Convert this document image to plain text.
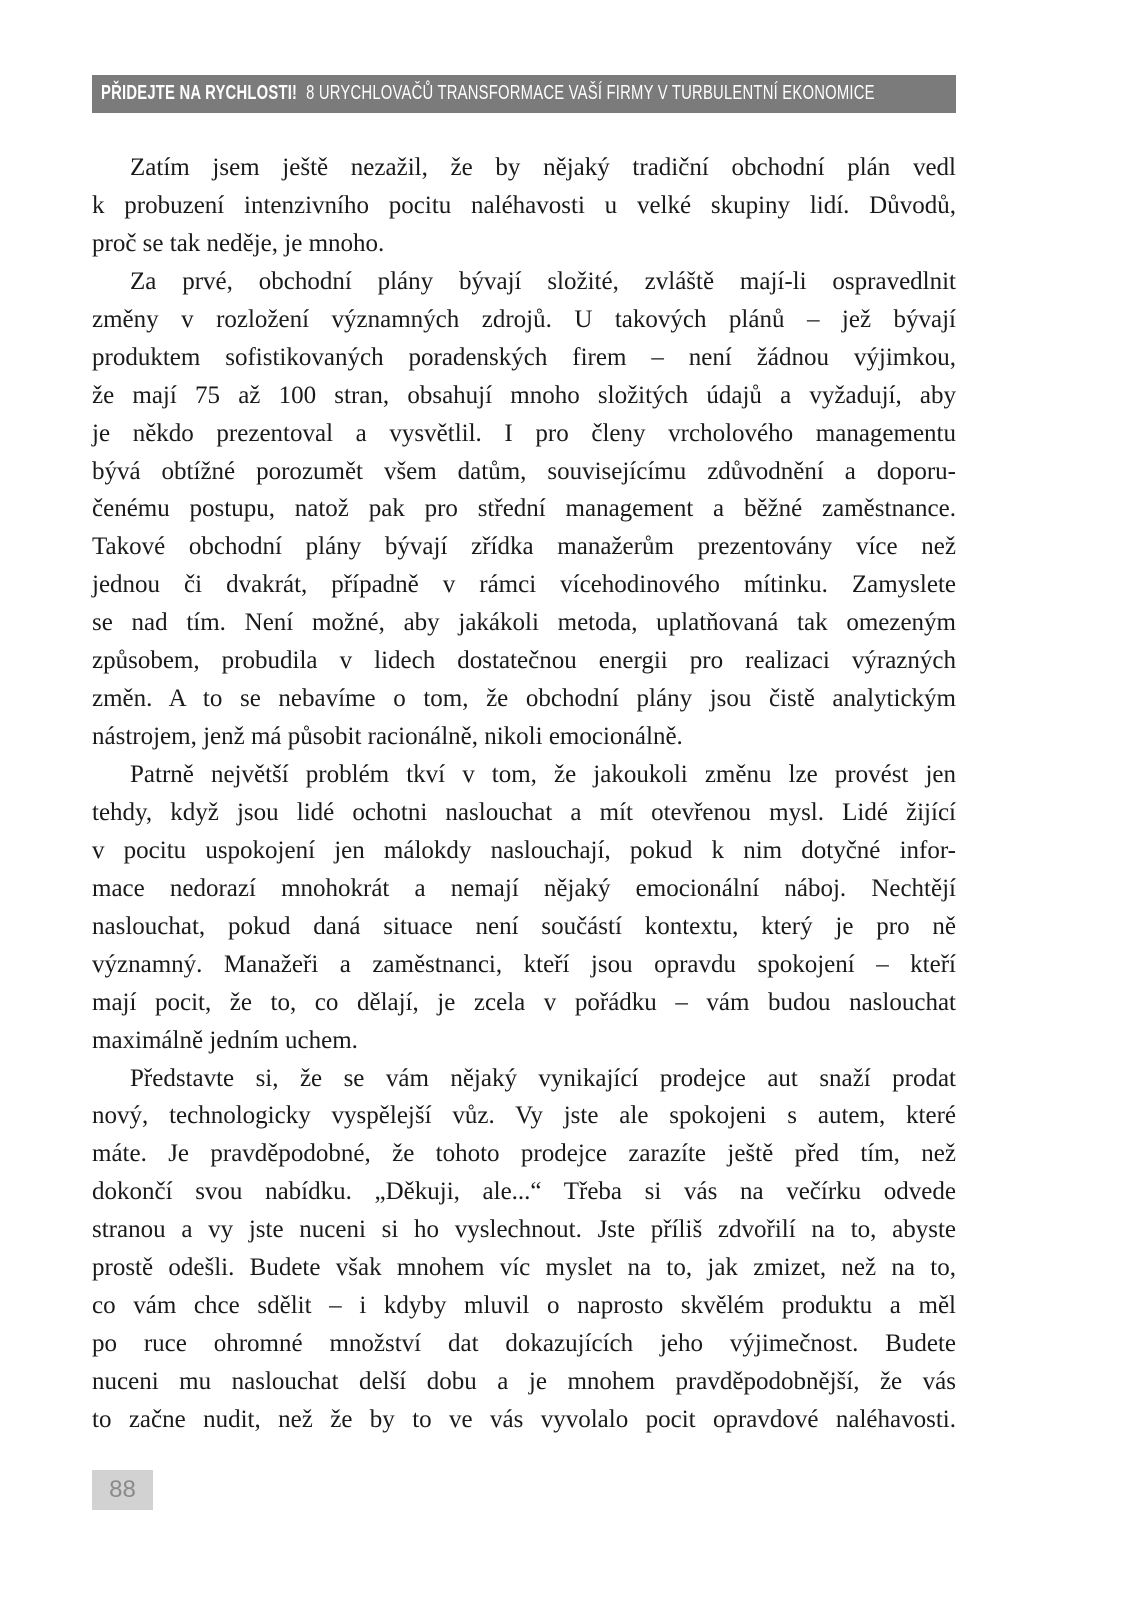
PŘIDEJTE NA RYCHLOSTI! 8 URYCHLOVAČŮ TRANSFORMACE VAŠÍ FIRMY V TURBULENTNÍ EKONOMICE
Zatím jsem ještě nezažil, že by nějaký tradiční obchodní plán vedl
k probuzení intenzivního pocitu naléhavosti u velké skupiny lidí. Důvodů,
proč se tak neděje, je mnoho.
Za prvé, obchodní plány bývají složité, zvláště mají-li ospravedlnit
změny v rozložení významných zdrojů. U takových plánů – jež bývají
produktem sofistikovaných poradenských firem – není žádnou výjimkou,
že mají 75 až 100 stran, obsahují mnoho složitých údajů a vyžadují, aby
je někdo prezentoval a vysvětlil. I pro členy vrcholového managementu
bývá obtížné porozumět všem datům, souvisejícímu zdůvodnění a doporu-
čenému postupu, natož pak pro střední management a běžné zaměstnance.
Takové obchodní plány bývají zřídka manažerům prezentovány více než
jednou či dvakrát, případně v rámci vícehodinového mítinku. Zamyslete
se nad tím. Není možné, aby jakákoli metoda, uplatňovaná tak omezeným
způsobem, probudila v lidech dostatečnou energii pro realizaci výrazných
změn. A to se nebavíme o tom, že obchodní plány jsou čistě analytickým
nástrojem, jenž má působit racionálně, nikoli emocionálně.
Patrně největší problém tkví v tom, že jakoukoli změnu lze provést jen
tehdy, když jsou lidé ochotni naslouchat a mít otevřenou mysl. Lidé žijící
v pocitu uspokojení jen málokdy naslouchají, pokud k nim dotyčné infor-
mace nedorazí mnohokrát a nemají nějaký emocionální náboj. Nechtějí
naslouchat, pokud daná situace není součástí kontextu, který je pro ně
významný. Manažeři a zaměstnanci, kteří jsou opravdu spokojení – kteří
mají pocit, že to, co dělají, je zcela v pořádku – vám budou naslouchat
maximálně jedním uchem.
Představte si, že se vám nějaký vynikající prodejce aut snaží prodat
nový, technologicky vyspělejší vůz. Vy jste ale spokojeni s autem, které
máte. Je pravděpodobné, že tohoto prodejce zarazíte ještě před tím, než
dokončí svou nabídku. „Děkuji, ale...“ Třeba si vás na večírku odvede
stranou a vy jste nuceni si ho vyslechnout. Jste příliš zdvořilí na to, abyste
prostě odešli. Budete však mnohem víc myslet na to, jak zmizet, než na to,
co vám chce sdělit – i kdyby mluvil o naprosto skvělém produktu a měl
po ruce ohromné množství dat dokazujících jeho výjimečnost. Budete
nuceni mu naslouchat delší dobu a je mnohem pravděpodobnější, že vás
to začne nudit, než že by to ve vás vyvolalo pocit opravdové naléhavosti.
88
